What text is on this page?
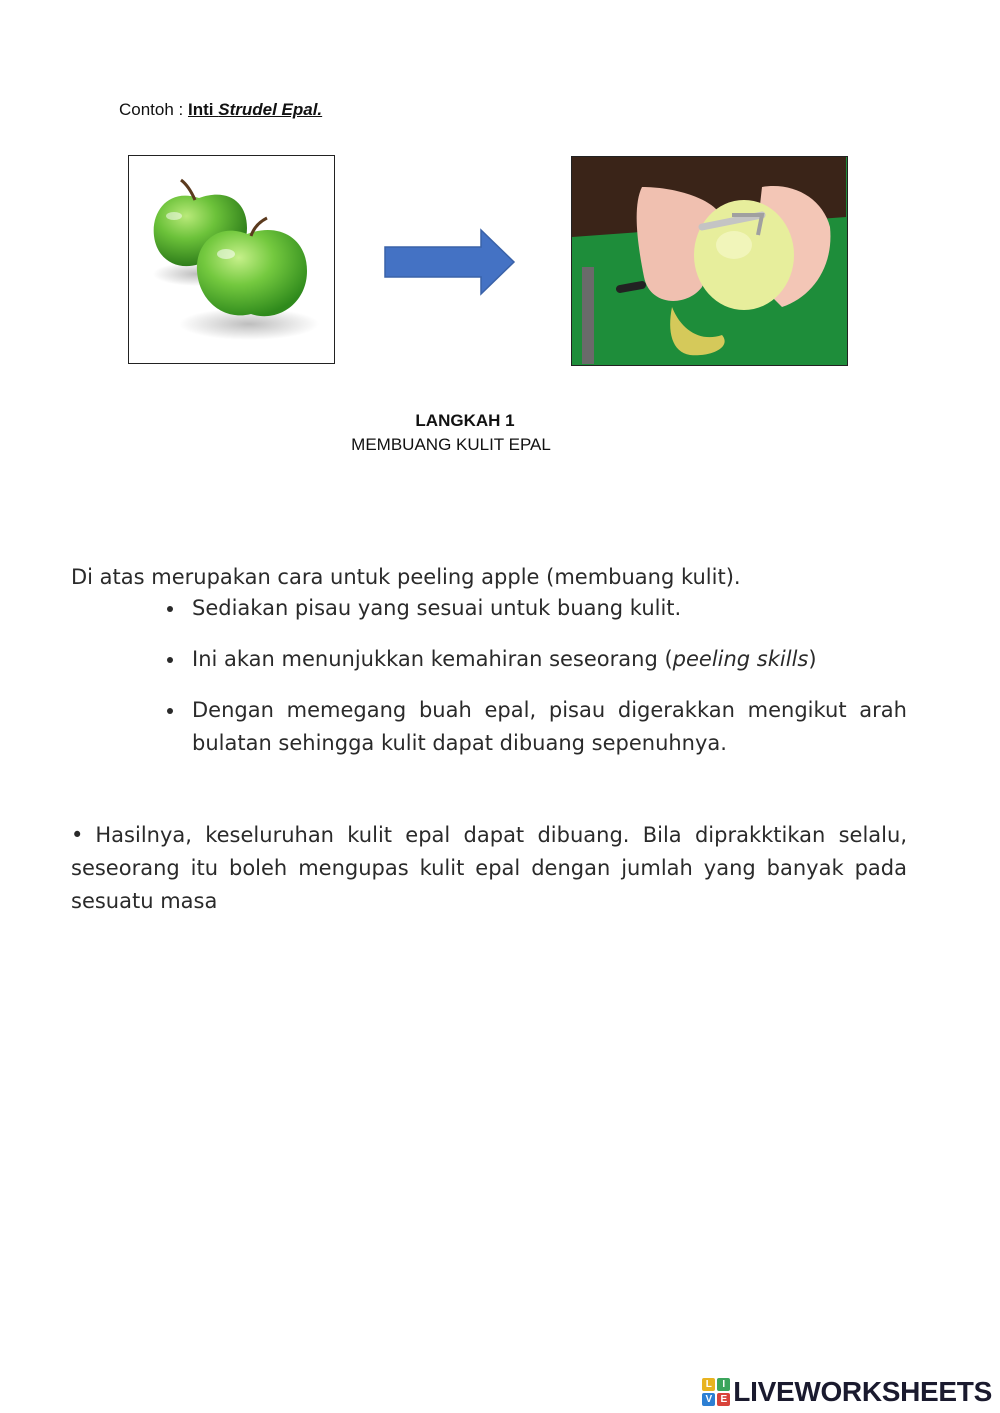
Contoh : Inti Strudel Epal.
LANGKAH 1
MEMBUANG KULIT EPAL
Di atas merupakan cara untuk peeling apple (membuang kulit).
Sediakan pisau yang sesuai untuk buang kulit.
Ini akan menunjukkan kemahiran seseorang (peeling skills)
Dengan memegang buah epal, pisau digerakkan mengikut arah bulatan sehingga kulit dapat dibuang sepenuhnya.
• Hasilnya, keseluruhan kulit epal dapat dibuang. Bila diprakktikan selalu, seseorang itu boleh mengupas kulit epal dengan jumlah yang banyak pada sesuatu masa
L	I
V E LIVEWORKSHEETS
